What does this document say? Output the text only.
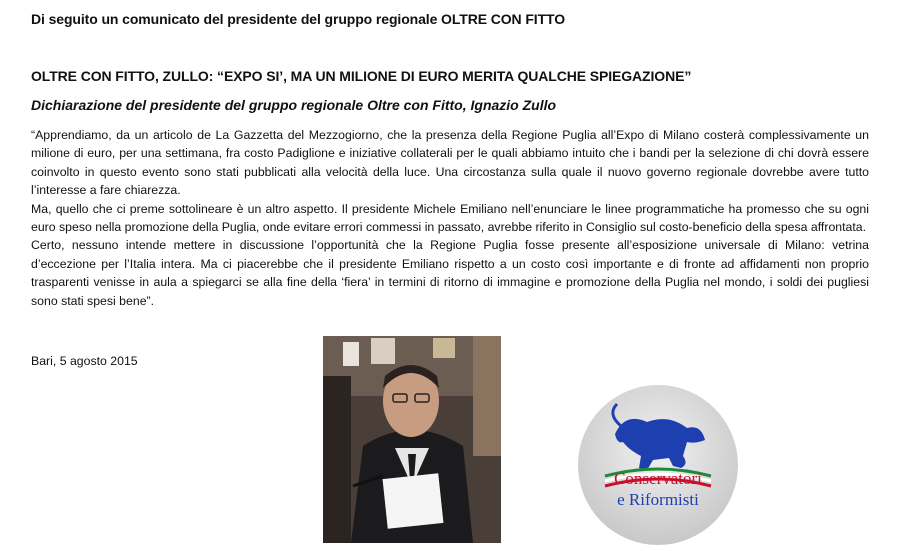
Di seguito un comunicato del presidente del gruppo regionale OLTRE CON FITTO
OLTRE CON FITTO, ZULLO: “EXPO SI’, MA UN MILIONE DI EURO MERITA QUALCHE SPIEGAZIONE”
Dichiarazione del presidente del gruppo regionale Oltre con Fitto, Ignazio Zullo

“Apprendiamo, da un articolo de La Gazzetta del Mezzogiorno, che la presenza della Regione Puglia all’Expo di Milano costerà complessivamente un milione di euro, per una settimana, fra costo Padiglione e iniziative collaterali per le quali abbiamo intuito che i bandi per la selezione di chi dovrà essere coinvolto in questo evento sono stati pubblicati alla velocità della luce. Una circostanza sulla quale il nuovo governo regionale dovrebbe avere tutto l’interesse a fare chiarezza.

Ma, quello che ci preme sottolineare è un altro aspetto. Il presidente Michele Emiliano nell’enunciare le linee programmatiche ha promesso che su ogni euro speso nella promozione della Puglia, onde evitare errori commessi in passato, avrebbe riferito in Consiglio sul costo-beneficio della spesa affrontata.

Certo, nessuno intende mettere in discussione l’opportunità che la Regione Puglia fosse presente all’esposizione universale di Milano: vetrina d’eccezione per l’Italia intera. Ma ci piacerebbe che il presidente Emiliano rispetto a un costo così importante e di fronte ad affidamenti non proprio trasparenti venisse in aula a spiegarci se alla fine della ‘fiera’ in termini di ritorno di immagine e promozione della Puglia nel mondo, i soldi dei pugliesi sono stati spesi bene”.

Bari, 5 agosto 2015
Conservatori
e Riformisti
